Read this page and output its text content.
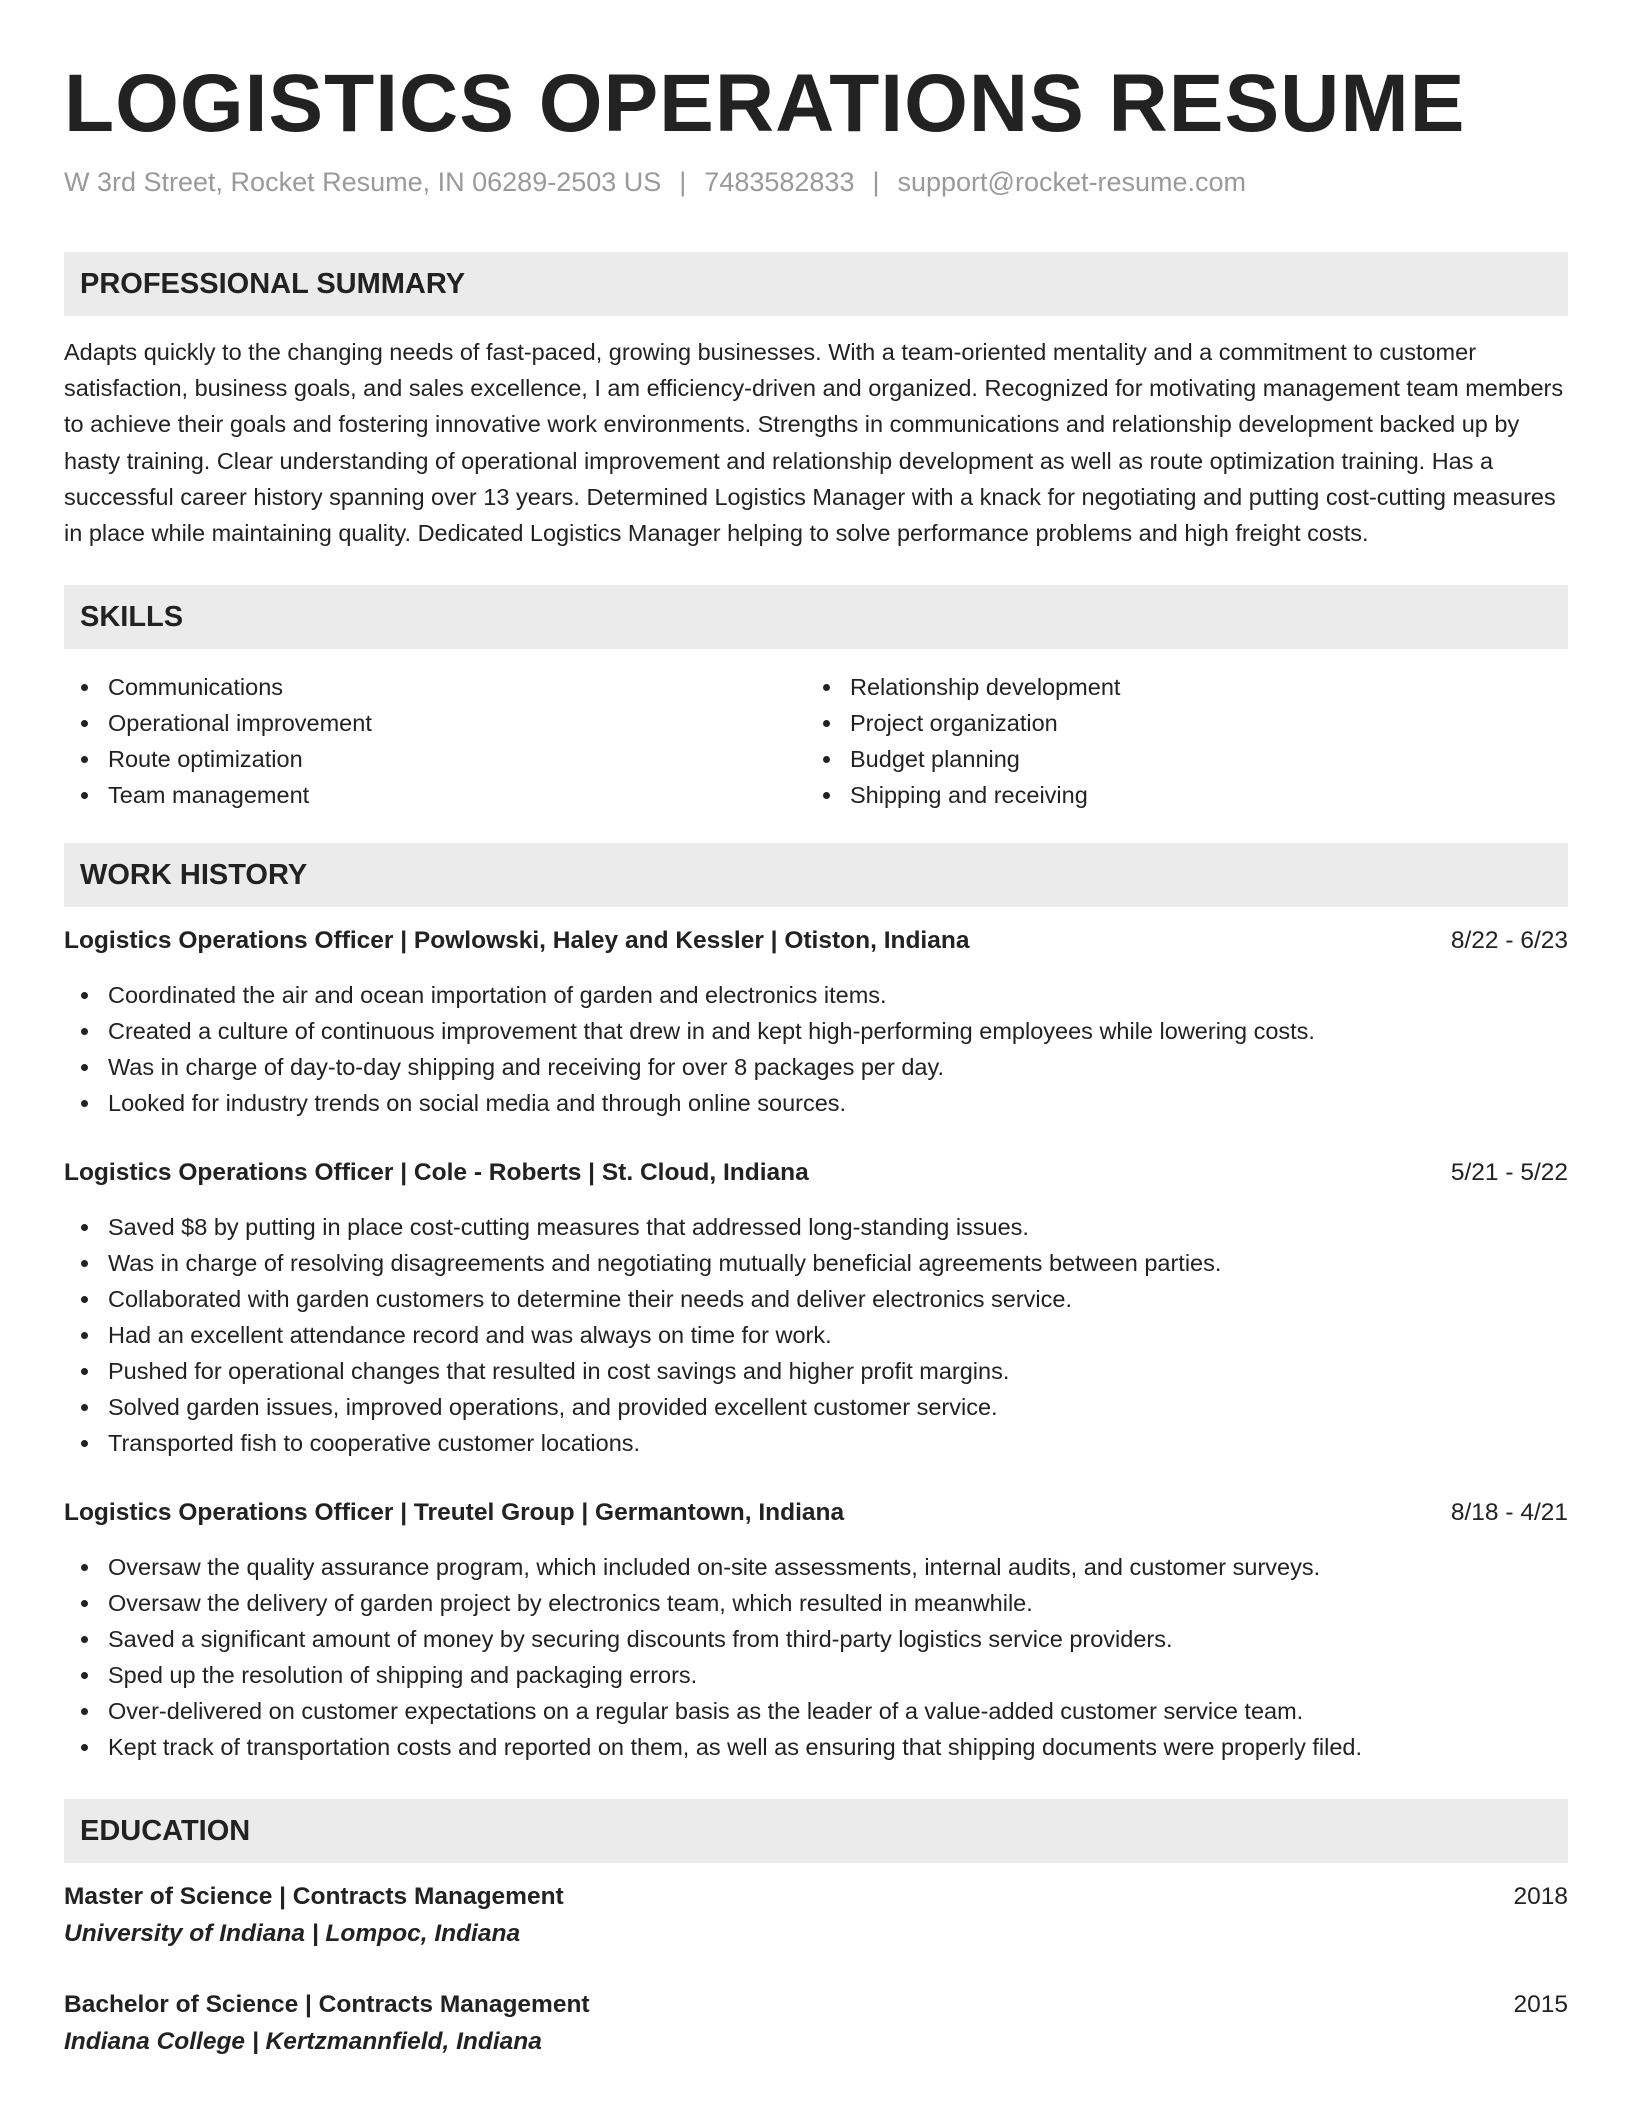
LOGISTICS OPERATIONS RESUME
W 3rd Street, Rocket Resume, IN 06289-2503 US | 7483582833 | support@rocket-resume.com
PROFESSIONAL SUMMARY
Adapts quickly to the changing needs of fast-paced, growing businesses. With a team-oriented mentality and a commitment to customer satisfaction, business goals, and sales excellence, I am efficiency-driven and organized. Recognized for motivating management team members to achieve their goals and fostering innovative work environments. Strengths in communications and relationship development backed up by hasty training. Clear understanding of operational improvement and relationship development as well as route optimization training. Has a successful career history spanning over 13 years. Determined Logistics Manager with a knack for negotiating and putting cost-cutting measures in place while maintaining quality. Dedicated Logistics Manager helping to solve performance problems and high freight costs.
SKILLS
Communications
Operational improvement
Route optimization
Team management
Relationship development
Project organization
Budget planning
Shipping and receiving
WORK HISTORY
Logistics Operations Officer | Powlowski, Haley and Kessler | Otiston, Indiana	8/22 - 6/23
Coordinated the air and ocean importation of garden and electronics items.
Created a culture of continuous improvement that drew in and kept high-performing employees while lowering costs.
Was in charge of day-to-day shipping and receiving for over 8 packages per day.
Looked for industry trends on social media and through online sources.
Logistics Operations Officer | Cole - Roberts | St. Cloud, Indiana	5/21 - 5/22
Saved $8 by putting in place cost-cutting measures that addressed long-standing issues.
Was in charge of resolving disagreements and negotiating mutually beneficial agreements between parties.
Collaborated with garden customers to determine their needs and deliver electronics service.
Had an excellent attendance record and was always on time for work.
Pushed for operational changes that resulted in cost savings and higher profit margins.
Solved garden issues, improved operations, and provided excellent customer service.
Transported fish to cooperative customer locations.
Logistics Operations Officer | Treutel Group | Germantown, Indiana	8/18 - 4/21
Oversaw the quality assurance program, which included on-site assessments, internal audits, and customer surveys.
Oversaw the delivery of garden project by electronics team, which resulted in meanwhile.
Saved a significant amount of money by securing discounts from third-party logistics service providers.
Sped up the resolution of shipping and packaging errors.
Over-delivered on customer expectations on a regular basis as the leader of a value-added customer service team.
Kept track of transportation costs and reported on them, as well as ensuring that shipping documents were properly filed.
EDUCATION
Master of Science | Contracts Management	2018
University of Indiana | Lompoc, Indiana
Bachelor of Science | Contracts Management	2015
Indiana College | Kertzmannfield, Indiana
